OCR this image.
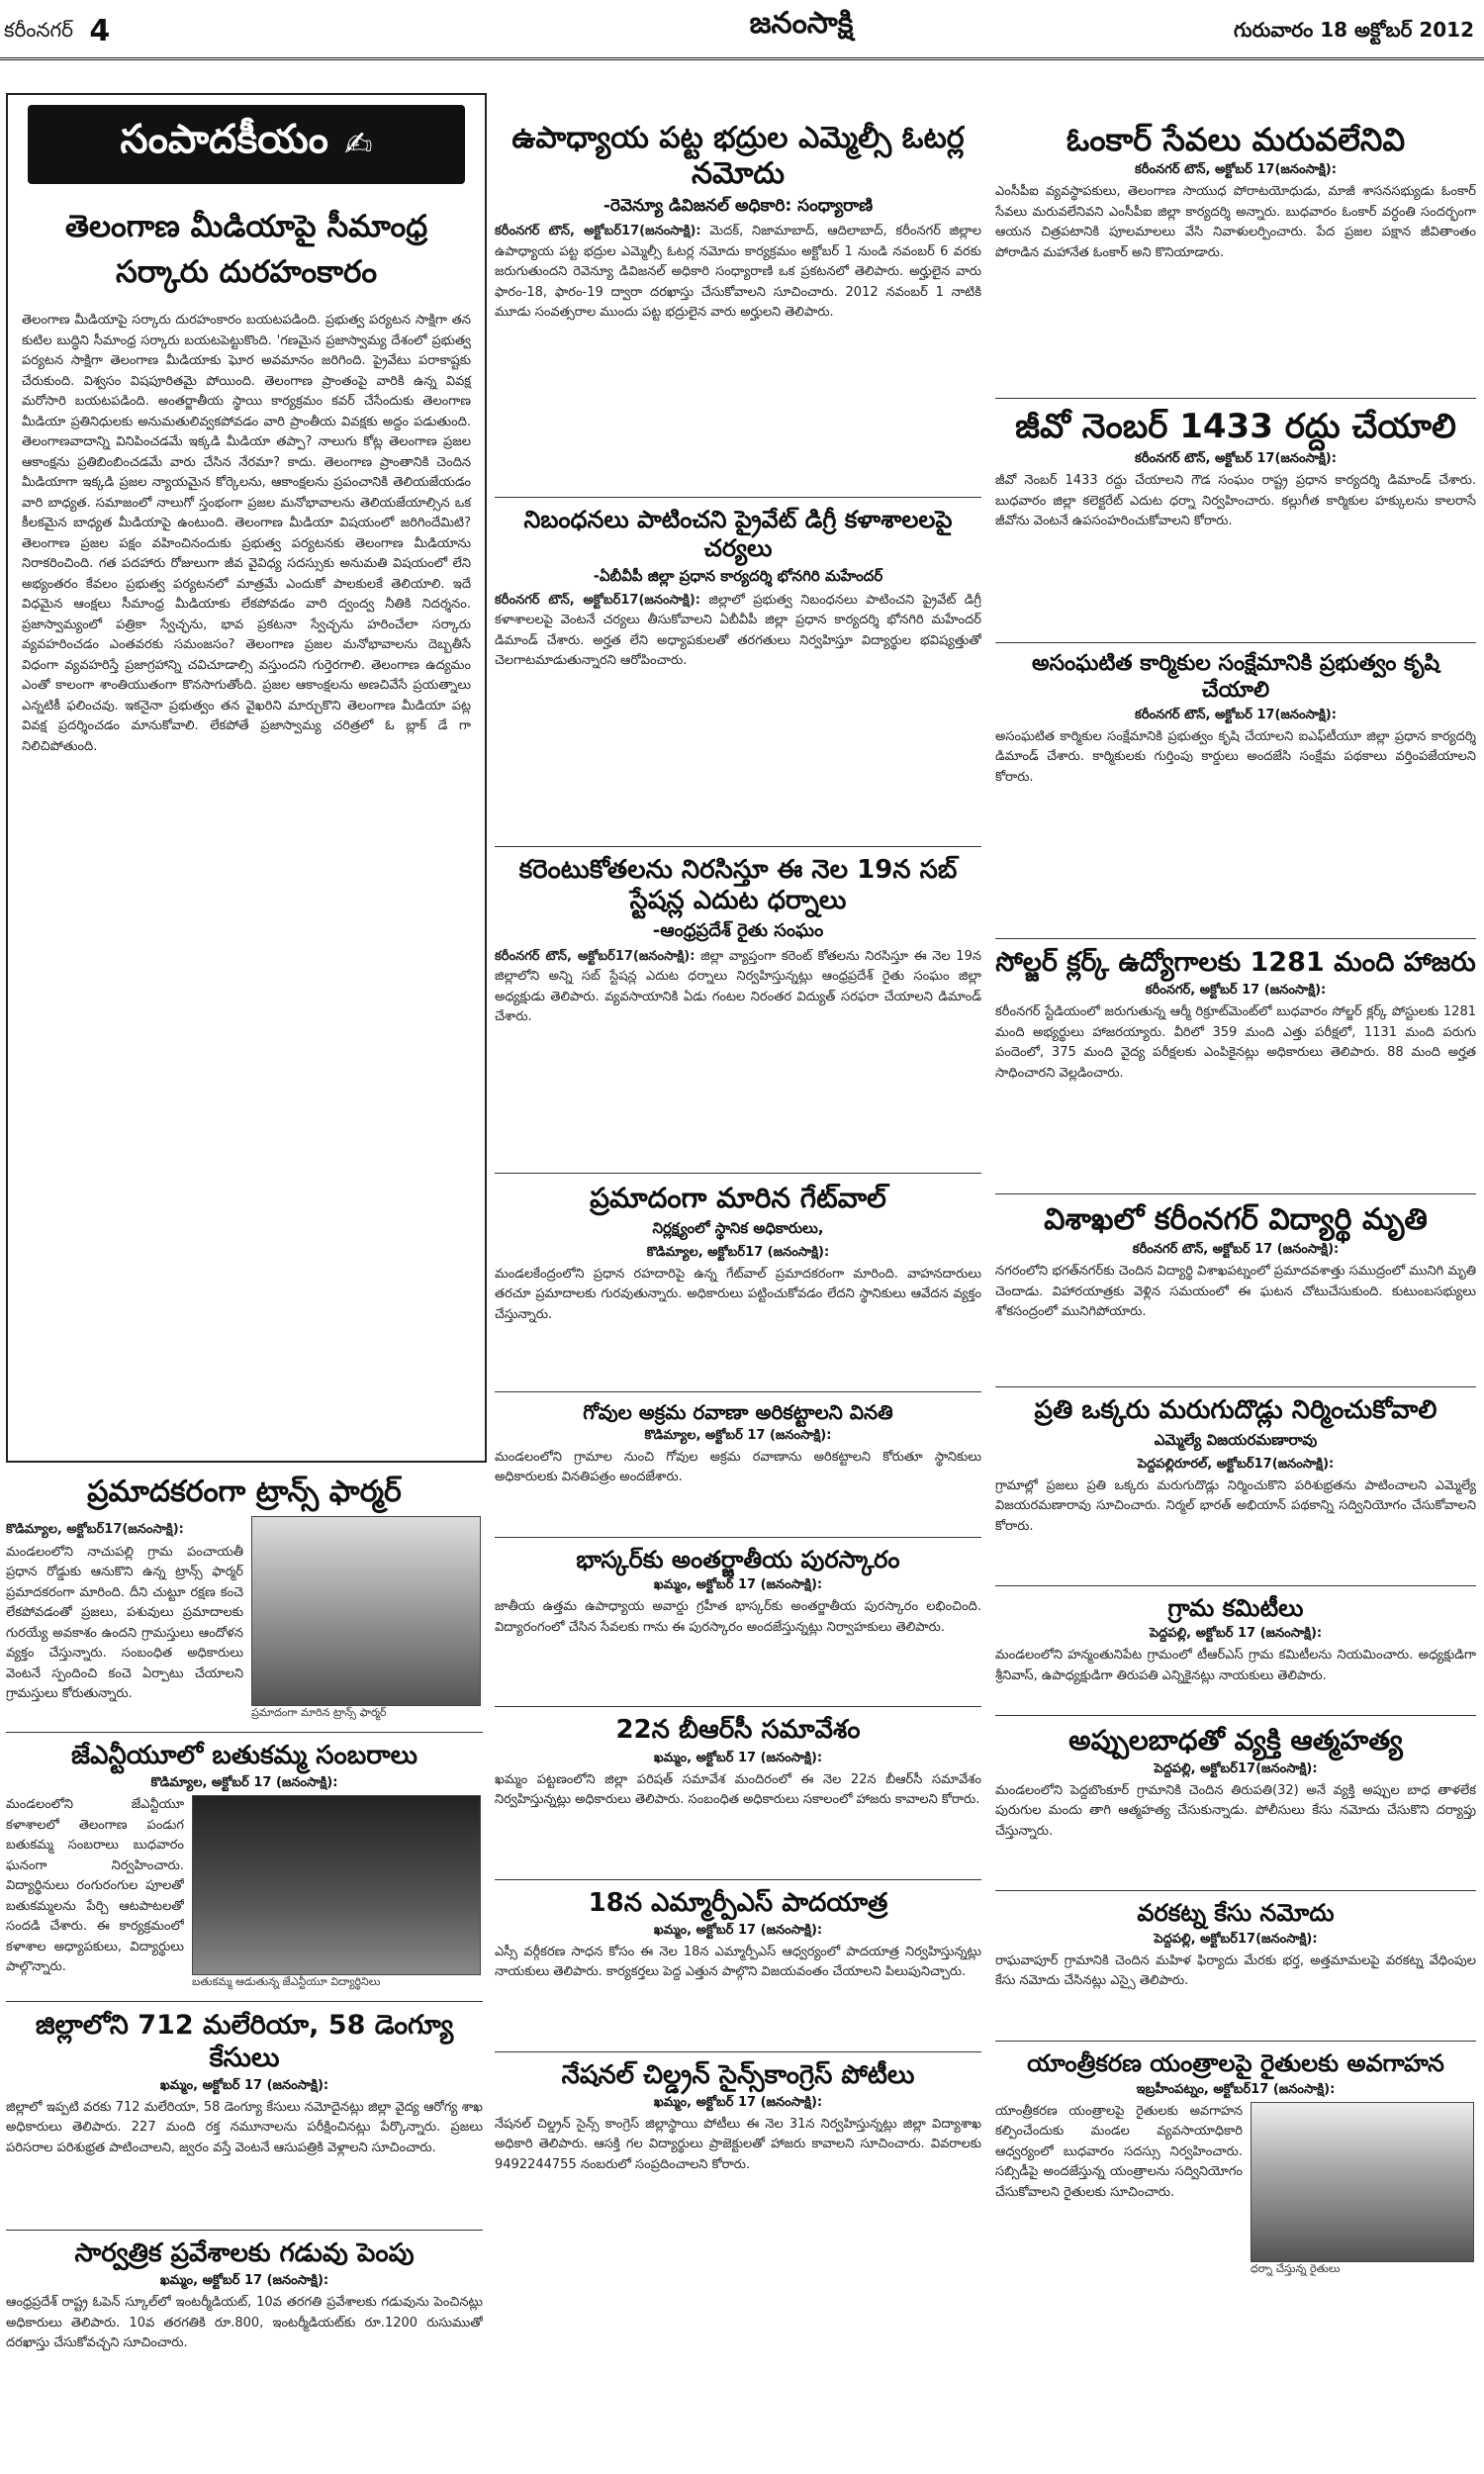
కరీంనగర్ 4	జనంసాక్షి	గురువారం 18 అక్టోబర్ 2012
సంపాదకీయం ✍
తెలంగాణ మీడియాపై సీమాంధ్ర సర్కారు దురహంకారం

తెలంగాణ మీడియాపై సర్కారు దురహంకారం బయటపడింది. ప్రభుత్వ పర్యటన సాక్షిగా తన కుటిల బుద్ధిని సీమాంధ్ర సర్కారు బయటపెట్టుకొంది. 'గణమైన ప్రజాస్వామ్య దేశంలో ప్రభుత్వ పర్యటన సాక్షిగా తెలంగాణ మీడియాకు ఘోర అవమానం జరిగింది. ప్రైవేటు పరాకాష్టకు చేరుకుంది. విశ్వసం విషపూరితమై పోయింది. తెలంగాణ ప్రాంతంపై వారికి ఉన్న వివక్ష మరోసారి బయటపడింది. అంతర్జాతీయ స్థాయి కార్యక్రమం కవర్ చేసేందుకు తెలంగాణ మీడియా ప్రతినిధులకు అనుమతులివ్వకపోవడం వారి ప్రాంతీయ వివక్షకు అద్దం పడుతుంది. తెలంగాణవాదాన్ని వినిపించడమే ఇక్కడి మీడియా తప్పా? నాలుగు కోట్ల తెలంగాణ ప్రజల ఆకాంక్షను ప్రతిబింబించడమే వారు చేసిన నేరమా? కాదు. తెలంగాణ ప్రాంతానికి చెందిన మీడియాగా ఇక్కడి ప్రజల న్యాయమైన కోర్కెలను, ఆకాంక్షలను ప్రపంచానికి తెలియజేయడం వారి బాధ్యత. సమాజంలో నాలుగో స్తంభంగా ప్రజల మనోభావాలను తెలియజేయాల్సిన ఒక కీలకమైన బాధ్యత మీడియాపై ఉంటుంది. తెలంగాణ మీడియా విషయంలో జరిగిందేమిటి? తెలంగాణ ప్రజల పక్షం వహించినందుకు ప్రభుత్వ పర్యటనకు తెలంగాణ మీడియాను నిరాకరించింది. గత పదహారు రోజులుగా జీవ వైవిధ్య సదస్సుకు అనుమతి విషయంలో లేని అభ్యంతరం కేవలం ప్రభుత్వ పర్యటనలో మాత్రమే ఎందుకో పాలకులకే తెలియాలి. ఇదే విధమైన ఆంక్షలు సీమాంధ్ర మీడియాకు లేకపోవడం వారి ద్వంద్వ నీతికి నిదర్శనం. ప్రజాస్వామ్యంలో పత్రికా స్వేచ్ఛను, భావ ప్రకటనా స్వేచ్ఛను హరించేలా సర్కారు వ్యవహరించడం ఎంతవరకు సమంజసం? తెలంగాణ ప్రజల మనోభావాలను దెబ్బతీసే విధంగా వ్యవహరిస్తే ప్రజాగ్రహాన్ని చవిచూడాల్సి వస్తుందని గుర్తెరగాలి. తెలంగాణ ఉద్యమం ఎంతో కాలంగా శాంతియుతంగా కొనసాగుతోంది. ప్రజల ఆకాంక్షలను అణచివేసే ప్రయత్నాలు ఎన్నటికీ ఫలించవు. ఇకనైనా ప్రభుత్వం తన వైఖరిని మార్చుకొని తెలంగాణ మీడియా పట్ల వివక్ష ప్రదర్శించడం మానుకోవాలి. లేకపోతే ప్రజాస్వామ్య చరిత్రలో ఓ బ్లాక్ డే గా నిలిచిపోతుంది.

ప్రమాదకరంగా ట్రాన్స్ ఫార్మర్
కొడిమ్యాల, అక్టోబర్17(జనంసాక్షి):
మండలంలోని నాచుపల్లి గ్రామ పంచాయతీ ప్రధాన రోడ్డుకు ఆనుకొని ఉన్న ట్రాన్స్ ఫార్మర్ ప్రమాదకరంగా మారింది. దీని చుట్టూ రక్షణ కంచె లేకపోవడంతో ప్రజలు, పశువులు ప్రమాదాలకు గురయ్యే అవకాశం ఉందని గ్రామస్తులు ఆందోళన వ్యక్తం చేస్తున్నారు. సంబంధిత అధికారులు వెంటనే స్పందించి కంచె ఏర్పాటు చేయాలని గ్రామస్తులు కోరుతున్నారు.
ప్రమాదంగా మారిన ట్రాన్స్ ఫార్మర్
జేఎన్టీయూలో బతుకమ్మ సంబరాలు
కొడిమ్యాల, అక్టోబర్ 17 (జనంసాక్షి):
మండలంలోని జేఎన్టీయూ కళాశాలలో తెలంగాణ పండుగ బతుకమ్మ సంబరాలు బుధవారం ఘనంగా నిర్వహించారు. విద్యార్థినులు రంగురంగుల పూలతో బతుకమ్మలను పేర్చి ఆటపాటలతో సందడి చేశారు. ఈ కార్యక్రమంలో కళాశాల అధ్యాపకులు, విద్యార్థులు పాల్గొన్నారు.
బతుకమ్మ ఆడుతున్న జేఎన్టీయూ విద్యార్థినిలు
జిల్లాలోని 712 మలేరియా, 58 డెంగ్యూ కేసులు
ఖమ్మం, అక్టోబర్ 17 (జనంసాక్షి):
జిల్లాలో ఇప్పటి వరకు 712 మలేరియా, 58 డెంగ్యూ కేసులు నమోదైనట్లు జిల్లా వైద్య ఆరోగ్య శాఖ అధికారులు తెలిపారు. 227 మంది రక్త నమూనాలను పరీక్షించినట్లు పేర్కొన్నారు. ప్రజలు పరిసరాల పరిశుభ్రత పాటించాలని, జ్వరం వస్తే వెంటనే ఆసుపత్రికి వెళ్లాలని సూచించారు.
సార్వత్రిక ప్రవేశాలకు గడువు పెంపు
ఖమ్మం, అక్టోబర్ 17 (జనంసాక్షి):
ఆంధ్రప్రదేశ్ రాష్ట్ర ఓపెన్ స్కూల్‌లో ఇంటర్మీడియట్, 10వ తరగతి ప్రవేశాలకు గడువును పెంచినట్లు అధికారులు తెలిపారు. 10వ తరగతికి రూ.800, ఇంటర్మీడియట్‌కు రూ.1200 రుసుముతో దరఖాస్తు చేసుకోవచ్చని సూచించారు.
ఉపాధ్యాయ పట్ట భద్రుల ఎమ్మెల్సీ ఓటర్ల నమోదు
-రెవెన్యూ డివిజనల్ అధికారి: సంధ్యారాణి
కరీంనగర్ టౌన్, అక్టోబర్17(జనంసాక్షి): మెదక్, నిజామాబాద్, ఆదిలాబాద్, కరీంనగర్ జిల్లాల ఉపాధ్యాయ పట్ట భద్రుల ఎమ్మెల్సీ ఓటర్ల నమోదు కార్యక్రమం అక్టోబర్ 1 నుండి నవంబర్ 6 వరకు జరుగుతుందని రెవెన్యూ డివిజనల్ అధికారి సంధ్యారాణి ఒక ప్రకటనలో తెలిపారు. అర్హులైన వారు ఫారం-18, ఫారం-19 ద్వారా దరఖాస్తు చేసుకోవాలని సూచించారు. 2012 నవంబర్ 1 నాటికి మూడు సంవత్సరాల ముందు పట్ట భద్రులైన వారు అర్హులని తెలిపారు.
నిబంధనలు పాటించని ప్రైవేట్ డిగ్రీ కళాశాలలపై చర్యలు
-ఏబీవీపీ జిల్లా ప్రధాన కార్యదర్శి భోనగిరి మహేందర్
కరీంనగర్ టౌన్, అక్టోబర్17(జనంసాక్షి): జిల్లాలో ప్రభుత్వ నిబంధనలు పాటించని ప్రైవేట్ డిగ్రీ కళాశాలలపై వెంటనే చర్యలు తీసుకోవాలని ఏబీవీపీ జిల్లా ప్రధాన కార్యదర్శి భోనగిరి మహేందర్ డిమాండ్ చేశారు. అర్హత లేని అధ్యాపకులతో తరగతులు నిర్వహిస్తూ విద్యార్థుల భవిష్యత్తుతో చెలగాటమాడుతున్నారని ఆరోపించారు.
కరెంటుకోతలను నిరసిస్తూ ఈ నెల 19న సబ్ స్టేషన్ల ఎదుట ధర్నాలు
-ఆంధ్రప్రదేశ్ రైతు సంఘం
కరీంనగర్ టౌన్, అక్టోబర్17(జనంసాక్షి): జిల్లా వ్యాప్తంగా కరెంట్ కోతలను నిరసిస్తూ ఈ నెల 19న జిల్లాలోని అన్ని సబ్ స్టేషన్ల ఎదుట ధర్నాలు నిర్వహిస్తున్నట్లు ఆంధ్రప్రదేశ్ రైతు సంఘం జిల్లా అధ్యక్షుడు తెలిపారు. వ్యవసాయానికి ఏడు గంటల నిరంతర విద్యుత్ సరఫరా చేయాలని డిమాండ్ చేశారు.
ప్రమాదంగా మారిన గేట్‌వాల్
నిర్లక్ష్యంలో స్థానిక అధికారులు,
కొడిమ్యాల, అక్టోబర్17 (జనంసాక్షి):
మండలకేంద్రంలోని ప్రధాన రహదారిపై ఉన్న గేట్‌వాల్ ప్రమాదకరంగా మారింది. వాహనదారులు తరచూ ప్రమాదాలకు గురవుతున్నారు. అధికారులు పట్టించుకోవడం లేదని స్థానికులు ఆవేదన వ్యక్తం చేస్తున్నారు.
గోవుల అక్రమ రవాణా అరికట్టాలని వినతి
కొడిమ్యాల, అక్టోబర్ 17 (జనంసాక్షి):
మండలంలోని గ్రామాల నుంచి గోవుల అక్రమ రవాణాను అరికట్టాలని కోరుతూ స్థానికులు అధికారులకు వినతిపత్రం అందజేశారు.
భాస్కర్‌కు అంతర్జాతీయ పురస్కారం
ఖమ్మం, అక్టోబర్ 17 (జనంసాక్షి):
జాతీయ ఉత్తమ ఉపాధ్యాయ అవార్డు గ్రహీత భాస్కర్‌కు అంతర్జాతీయ పురస్కారం లభించింది. విద్యారంగంలో చేసిన సేవలకు గాను ఈ పురస్కారం అందజేస్తున్నట్లు నిర్వాహకులు తెలిపారు.
22న బీఆర్‌సీ సమావేశం
ఖమ్మం, అక్టోబర్ 17 (జనంసాక్షి):
ఖమ్మం పట్టణంలోని జిల్లా పరిషత్ సమావేశ మందిరంలో ఈ నెల 22న బీఆర్‌సీ సమావేశం నిర్వహిస్తున్నట్లు అధికారులు తెలిపారు. సంబంధిత అధికారులు సకాలంలో హాజరు కావాలని కోరారు.
18న ఎమ్మార్పీఎస్ పాదయాత్ర
ఖమ్మం, అక్టోబర్ 17 (జనంసాక్షి):
ఎస్సీ వర్గీకరణ సాధన కోసం ఈ నెల 18న ఎమ్మార్పీఎస్ ఆధ్వర్యంలో పాదయాత్ర నిర్వహిస్తున్నట్లు నాయకులు తెలిపారు. కార్యకర్తలు పెద్ద ఎత్తున పాల్గొని విజయవంతం చేయాలని పిలుపునిచ్చారు.
నేషనల్ చిల్డ్రన్ సైన్స్‌కాంగ్రెస్ పోటీలు
ఖమ్మం, అక్టోబర్ 17 (జనంసాక్షి):
నేషనల్ చిల్డ్రన్ సైన్స్ కాంగ్రెస్ జిల్లాస్థాయి పోటీలు ఈ నెల 31న నిర్వహిస్తున్నట్లు జిల్లా విద్యాశాఖ అధికారి తెలిపారు. ఆసక్తి గల విద్యార్థులు ప్రాజెక్టులతో హాజరు కావాలని సూచించారు. వివరాలకు 9492244755 నంబరులో సంప్రదించాలని కోరారు.
ఓంకార్ సేవలు మరువలేనివి
కరీంనగర్ టౌన్, అక్టోబర్ 17(జనంసాక్షి):
ఎంసీపీఐ వ్యవస్థాపకులు, తెలంగాణ సాయుధ పోరాటయోధుడు, మాజీ శాసనసభ్యుడు ఓంకార్ సేవలు మరువలేనివని ఎంసీపీఐ జిల్లా కార్యదర్శి అన్నారు. బుధవారం ఓంకార్ వర్ధంతి సందర్భంగా ఆయన చిత్రపటానికి పూలమాలలు వేసి నివాళులర్పించారు. పేద ప్రజల పక్షాన జీవితాంతం పోరాడిన మహానేత ఓంకార్ అని కొనియాడారు.
జీవో నెంబర్ 1433 రద్దు చేయాలి
కరీంనగర్ టౌన్, అక్టోబర్ 17(జనంసాక్షి):
జీవో నెంబర్ 1433 రద్దు చేయాలని గౌడ సంఘం రాష్ట్ర ప్రధాన కార్యదర్శి డిమాండ్ చేశారు. బుధవారం జిల్లా కలెక్టరేట్ ఎదుట ధర్నా నిర్వహించారు. కల్లుగీత కార్మికుల హక్కులను కాలరాసే జీవోను వెంటనే ఉపసంహరించుకోవాలని కోరారు.
అసంఘటిత కార్మికుల సంక్షేమానికి ప్రభుత్వం కృషి చేయాలి
కరీంనగర్ టౌన్, అక్టోబర్ 17(జనంసాక్షి):
అసంఘటిత కార్మికుల సంక్షేమానికి ప్రభుత్వం కృషి చేయాలని ఐఎఫ్‌టీయూ జిల్లా ప్రధాన కార్యదర్శి డిమాండ్ చేశారు. కార్మికులకు గుర్తింపు కార్డులు అందజేసి సంక్షేమ పథకాలు వర్తింపజేయాలని కోరారు.
సోల్జర్ క్లర్క్ ఉద్యోగాలకు 1281 మంది హాజరు
కరీంనగర్, అక్టోబర్ 17 (జనంసాక్షి):
కరీంనగర్ స్టేడియంలో జరుగుతున్న ఆర్మీ రిక్రూట్‌మెంట్‌లో బుధవారం సోల్జర్ క్లర్క్ పోస్టులకు 1281 మంది అభ్యర్థులు హాజరయ్యారు. వీరిలో 359 మంది ఎత్తు పరీక్షలో, 1131 మంది పరుగు పందెంలో, 375 మంది వైద్య పరీక్షలకు ఎంపికైనట్లు అధికారులు తెలిపారు. 88 మంది అర్హత సాధించారని వెల్లడించారు.
విశాఖలో కరీంనగర్ విద్యార్థి మృతి
కరీంనగర్ టౌన్, అక్టోబర్ 17 (జనంసాక్షి):
నగరంలోని భగత్‌నగర్‌కు చెందిన విద్యార్థి విశాఖపట్నంలో ప్రమాదవశాత్తు సముద్రంలో మునిగి మృతి చెందాడు. విహారయాత్రకు వెళ్లిన సమయంలో ఈ ఘటన చోటుచేసుకుంది. కుటుంబసభ్యులు శోకసంద్రంలో మునిగిపోయారు.
ప్రతి ఒక్కరు మరుగుదొడ్లు నిర్మించుకోవాలి
ఎమ్మెల్యే విజయరమణారావు
పెద్దపల్లిరూరల్, అక్టోబర్17(జనంసాక్షి):
గ్రామాల్లో ప్రజలు ప్రతి ఒక్కరు మరుగుదొడ్లు నిర్మించుకొని పరిశుభ్రతను పాటించాలని ఎమ్మెల్యే విజయరమణారావు సూచించారు. నిర్మల్ భారత్ అభియాన్ పథకాన్ని సద్వినియోగం చేసుకోవాలని కోరారు.
గ్రామ కమిటీలు
పెద్దపల్లి, అక్టోబర్ 17 (జనంసాక్షి):
మండలంలోని హన్మంతునిపేట గ్రామంలో టీఆర్ఎస్ గ్రామ కమిటీలను నియమించారు. అధ్యక్షుడిగా శ్రీనివాస్, ఉపాధ్యక్షుడిగా తిరుపతి ఎన్నికైనట్లు నాయకులు తెలిపారు.
అప్పులబాధతో వ్యక్తి ఆత్మహత్య
పెద్దపల్లి, అక్టోబర్17(జనంసాక్షి):
మండలంలోని పెద్దబొంకూర్ గ్రామానికి చెందిన తిరుపతి(32) అనే వ్యక్తి అప్పుల బాధ తాళలేక పురుగుల మందు తాగి ఆత్మహత్య చేసుకున్నాడు. పోలీసులు కేసు నమోదు చేసుకొని దర్యాప్తు చేస్తున్నారు.
వరకట్న కేసు నమోదు
పెద్దపల్లి, అక్టోబర్17(జనంసాక్షి):
రాఘవాపూర్ గ్రామానికి చెందిన మహిళ ఫిర్యాదు మేరకు భర్త, అత్తమామలపై వరకట్న వేధింపుల కేసు నమోదు చేసినట్లు ఎస్సై తెలిపారు.
యాంత్రీకరణ యంత్రాలపై రైతులకు అవగాహన
ఇబ్రహీంపట్నం, అక్టోబర్17 (జనంసాక్షి):
యాంత్రీకరణ యంత్రాలపై రైతులకు అవగాహన కల్పించేందుకు మండల వ్యవసాయాధికారి ఆధ్వర్యంలో బుధవారం సదస్సు నిర్వహించారు. సబ్సిడీపై అందజేస్తున్న యంత్రాలను సద్వినియోగం చేసుకోవాలని రైతులకు సూచించారు.
ధర్నా చేస్తున్న రైతులు
